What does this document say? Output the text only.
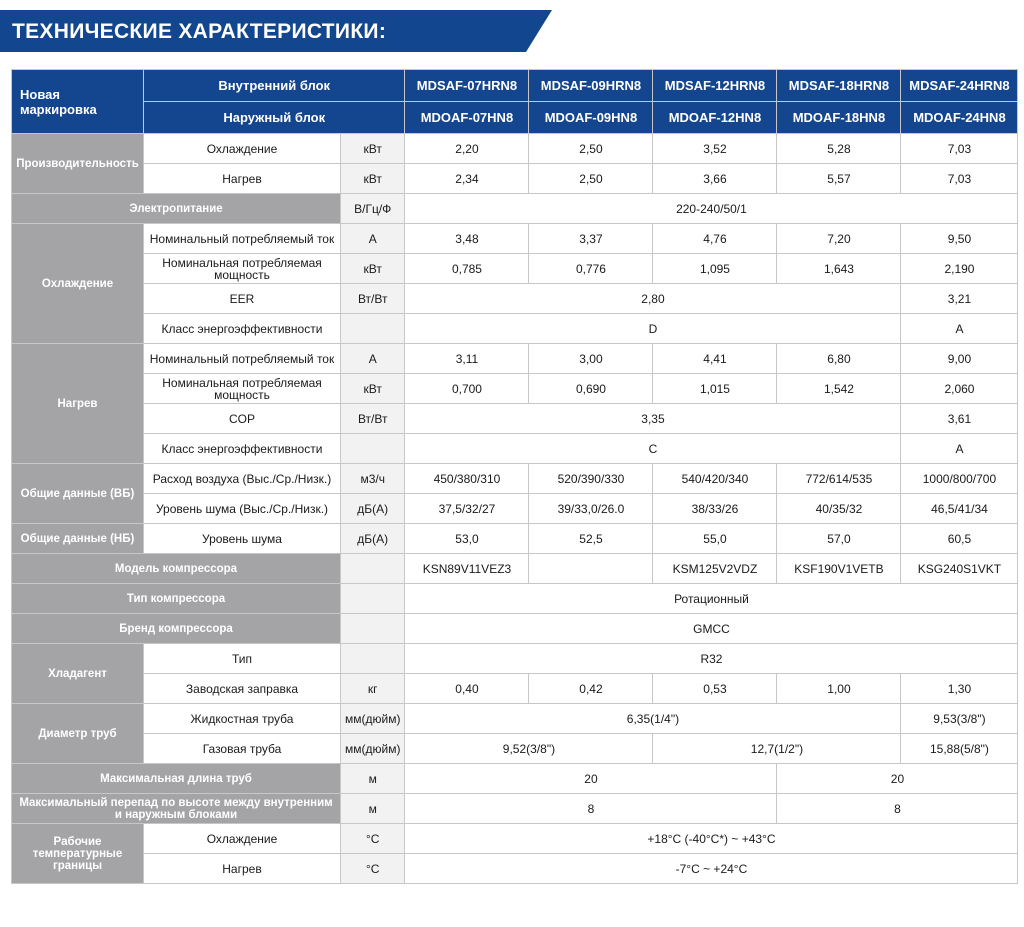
ТЕХНИЧЕСКИЕ ХАРАКТЕРИСТИКИ:
Новая маркировка	Внутренний блок		MDSAF-07HRN8	MDSAF-09HRN8	MDSAF-12HRN8	MDSAF-18HRN8	MDSAF-24HRN8
	Наружный блок		MDOAF-07HN8	MDOAF-09HN8	MDOAF-12HN8	MDOAF-18HN8	MDOAF-24HN8
Производительность	Охлаждение	кВт	2,20	2,50	3,52	5,28	7,03
	Нагрев	кВт	2,34	2,50	3,66	5,57	7,03
Электропитание		В/Гц/Ф	220-240/50/1				
Охлаждение	Номинальный потребляемый ток	А	3,48	3,37	4,76	7,20	9,50
	Номинальная потребляемая мощность	кВт	0,785	0,776	1,095	1,643	2,190
	EER	Вт/Вт	2,80				3,21
	Класс энергоэффективности		D				A
Нагрев	Номинальный потребляемый ток	А	3,11	3,00	4,41	6,80	9,00
	Номинальная потребляемая мощность	кВт	0,700	0,690	1,015	1,542	2,060
	COP	Вт/Вт	3,35				3,61
	Класс энергоэффективности		C				A
Общие данные (ВБ)	Расход воздуха (Выс./Ср./Низк.)	м3/ч	450/380/310	520/390/330	540/420/340	772/614/535	1000/800/700
	Уровень шума (Выс./Ср./Низк.)	дБ(А)	37,5/32/27	39/33,0/26.0	38/33/26	40/35/32	46,5/41/34
Общие данные (НБ)	Уровень шума	дБ(А)	53,0	52,5	55,0	57,0	60,5
Модель компрессора			KSN89V11VEZ3		KSM125V2VDZ	KSF190V1VETB	KSG240S1VKT
Тип компрессора			Ротационный				
Бренд компрессора			GMCC				
Хладагент	Тип		R32				
	Заводская заправка	кг	0,40	0,42	0,53	1,00	1,30
Диаметр труб	Жидкостная труба	мм(дюйм)	6,35(1/4")				9,53(3/8")
	Газовая труба	мм(дюйм)	9,52(3/8")		12,7(1/2")		15,88(5/8")
Максимальная длина труб		м	20			20	
Максимальный перепад по высоте между внутренним и наружным блоками		м	8			8	
Рабочие температурные границы	Охлаждение	°С	+18°С (-40°С*) ~ +43°С				
	Нагрев	°С	-7°С ~ +24°С				
